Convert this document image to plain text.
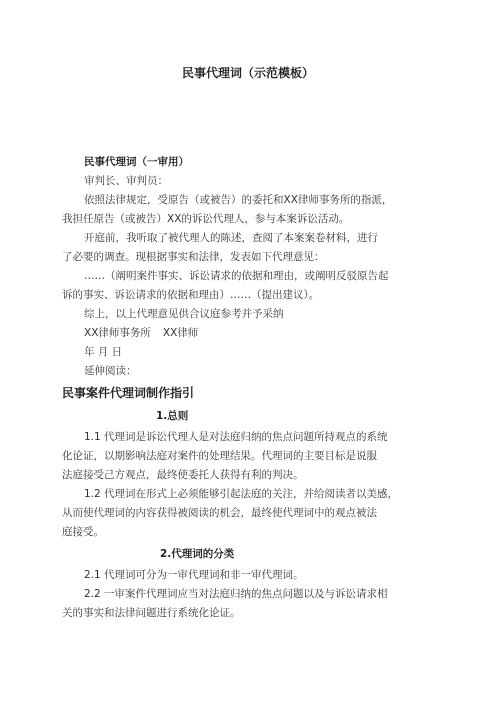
民事代理词（示范模板）
民事代理词（一审用）
审判长、审判员：
依照法律规定，受原告（或被告）的委托和XX律师事务所的指派，
我担任原告（或被告）XX的诉讼代理人，参与本案诉讼活动。
开庭前，我听取了被代理人的陈述，查阅了本案案卷材料，进行
了必要的调查。现根据事实和法律，发表如下代理意见：
……（阐明案件事实、诉讼请求的依据和理由，或阐明反驳原告起
诉的事实、诉讼请求的依据和理由）……（提出建议）。
综上，以上代理意见供合议庭参考并予采纳
XX律师事务所 XX律师
年 月 日
延伸阅读：
民事案件代理词制作指引
1.总则
1.1 代理词是诉讼代理人是对法庭归纳的焦点问题所持观点的系统
化论证，以期影响法庭对案件的处理结果。代理词的主要目标是说服
法庭接受己方观点，最终使委托人获得有利的判决。
1.2 代理词在形式上必须能够引起法庭的关注，并给阅读者以美感，
从而使代理词的内容获得被阅读的机会，最终使代理词中的观点被法
庭接受。
2.代理词的分类
2.1 代理词可分为一审代理词和非一审代理词。
2.2 一审案件代理词应当对法庭归纳的焦点问题以及与诉讼请求相
关的事实和法律问题进行系统化论证。
